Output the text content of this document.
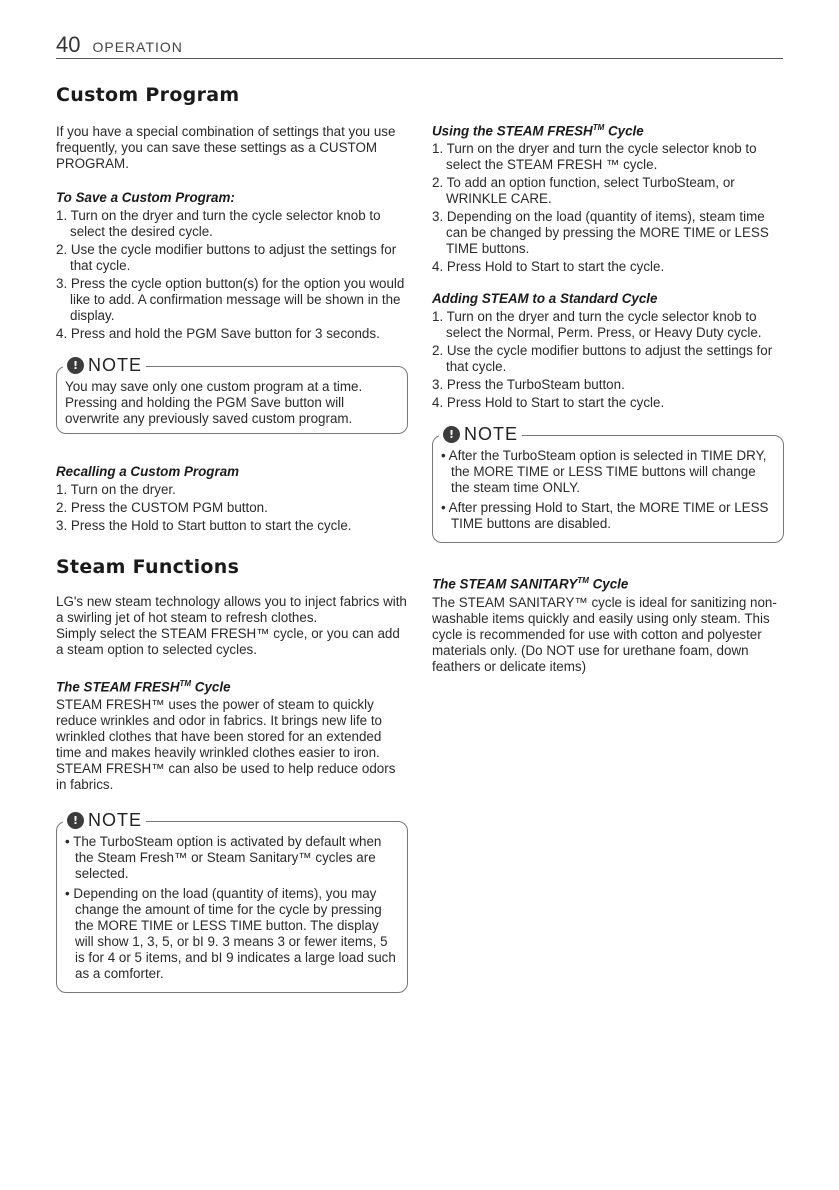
40 OPERATION
Custom Program

If you have a special combination of settings that you use frequently, you can save these settings as a CUSTOM PROGRAM.

To Save a Custom Program:
1. Turn on the dryer and turn the cycle selector knob to select the desired cycle.
2. Use the cycle modifier buttons to adjust the settings for that cycle.
3. Press the cycle option button(s) for the option you would like to add. A confirmation message will be shown in the display.
4. Press and hold the PGM Save button for 3 seconds.
! NOTE

You may save only one custom program at a time. Pressing and holding the PGM Save button will overwrite any previously saved custom program.

Recalling a Custom Program
1. Turn on the dryer.
2. Press the CUSTOM PGM button.
3. Press the Hold to Start button to start the cycle.
Steam Functions

LG's new steam technology allows you to inject fabrics with a swirling jet of hot steam to refresh clothes.

Simply select the STEAM FRESH™ cycle, or you can add a steam option to selected cycles.

The STEAM FRESH™ Cycle

STEAM FRESH™ uses the power of steam to quickly reduce wrinkles and odor in fabrics. It brings new life to wrinkled clothes that have been stored for an extended time and makes heavily wrinkled clothes easier to iron. STEAM FRESH™ can also be used to help reduce odors in fabrics.

! NOTE
• The TurboSteam option is activated by default when the Steam Fresh™ or Steam Sanitary™ cycles are selected.
• Depending on the load (quantity of items), you may change the amount of time for the cycle by pressing the MORE TIME or LESS TIME button. The display will show 1, 3, 5, or bI 9. 3 means 3 or fewer items, 5 is for 4 or 5 items, and bI 9 indicates a large load such as a comforter.
Using the STEAM FRESH™ Cycle
1. Turn on the dryer and turn the cycle selector knob to select the STEAM FRESH ™ cycle.
2. To add an option function, select TurboSteam, or WRINKLE CARE.
3. Depending on the load (quantity of items), steam time can be changed by pressing the MORE TIME or LESS TIME buttons.
4. Press Hold to Start to start the cycle.
Adding STEAM to a Standard Cycle
1. Turn on the dryer and turn the cycle selector knob to select the Normal, Perm. Press, or Heavy Duty cycle.
2. Use the cycle modifier buttons to adjust the settings for that cycle.
3. Press the TurboSteam button.
4. Press Hold to Start to start the cycle.
! NOTE
• After the TurboSteam option is selected in TIME DRY, the MORE TIME or LESS TIME buttons will change the steam time ONLY.
• After pressing Hold to Start, the MORE TIME or LESS TIME buttons are disabled.
The STEAM SANITARY™ Cycle

The STEAM SANITARY™ cycle is ideal for sanitizing non-washable items quickly and easily using only steam. This cycle is recommended for use with cotton and polyester materials only. (Do NOT use for urethane foam, down feathers or delicate items)
